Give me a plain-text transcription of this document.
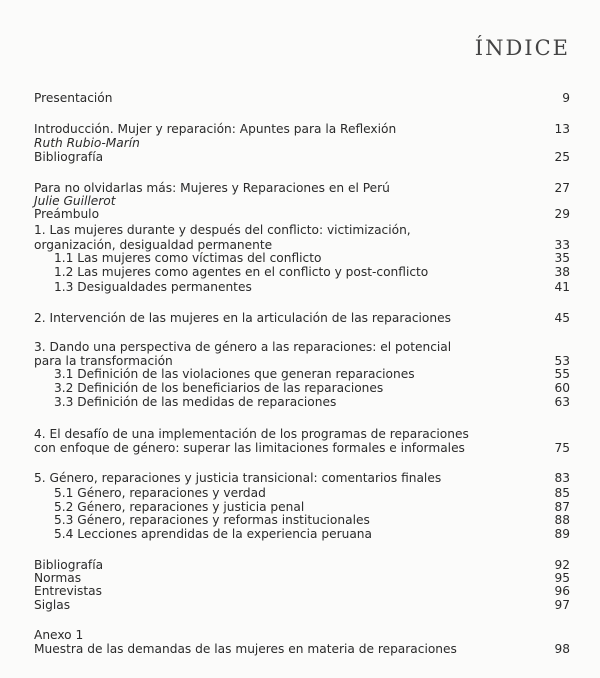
ÍNDICE
Presentación	9
Introducción. Mujer y reparación: Apuntes para la Reflexión	13
Ruth Rubio-Marín
Bibliografía	25
Para no olvidarlas más: Mujeres y Reparaciones en el Perú	27
Julie Guillerot
Preámbulo	29
1. Las mujeres durante y después del conflicto: victimización,
organización, desigualdad permanente	33
1.1 Las mujeres como víctimas del conflicto	35
1.2 Las mujeres como agentes en el conflicto y post-conflicto	38
1.3 Desigualdades permanentes	41
2. Intervención de las mujeres en la articulación de las reparaciones	45
3. Dando una perspectiva de género a las reparaciones: el potencial
para la transformación	53
3.1 Definición de las violaciones que generan reparaciones	55
3.2 Definición de los beneficiarios de las reparaciones	60
3.3 Definición de las medidas de reparaciones	63
4. El desafío de una implementación de los programas de reparaciones
con enfoque de género: superar las limitaciones formales e informales	75
5. Género, reparaciones y justicia transicional: comentarios finales	83
5.1 Género, reparaciones y verdad	85
5.2 Género, reparaciones y justicia penal	87
5.3 Género, reparaciones y reformas institucionales	88
5.4 Lecciones aprendidas de la experiencia peruana	89
Bibliografía	92
Normas	95
Entrevistas	96
Siglas	97
Anexo 1
Muestra de las demandas de las mujeres en materia de reparaciones	98
